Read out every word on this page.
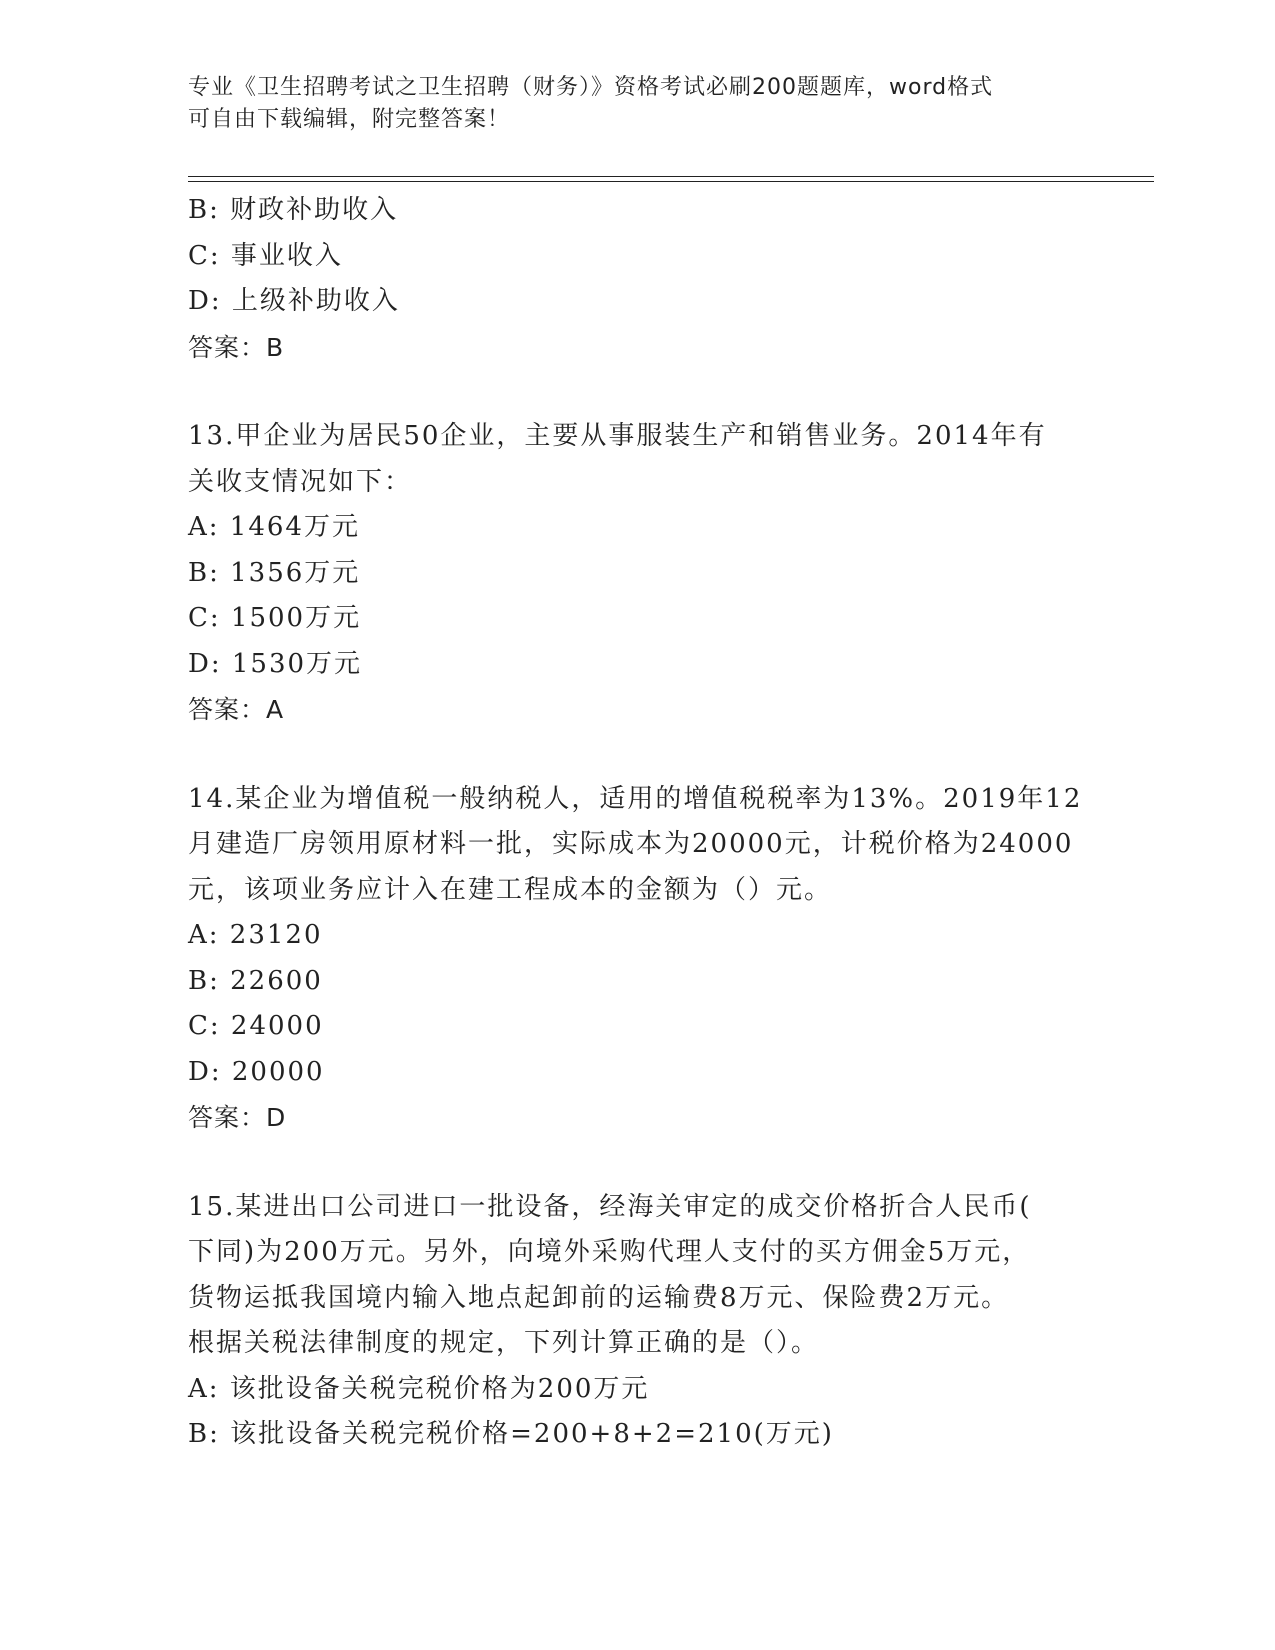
专业《卫生招聘考试之卫生招聘（财务）》资格考试必刷200题题库，word格式
可自由下载编辑，附完整答案！
B: 财政补助收入
C: 事业收入
D: 上级补助收入
答案：B
13.甲企业为居民50企业，主要从事服装生产和销售业务。2014年有
关收支情况如下：
A: 1464万元
B: 1356万元
C: 1500万元
D: 1530万元
答案：A
14.某企业为增值税一般纳税人，适用的增值税税率为13%。2019年12
月建造厂房领用原材料一批，实际成本为20000元，计税价格为24000
元，该项业务应计入在建工程成本的金额为（）元。
A: 23120
B: 22600
C: 24000
D: 20000
答案：D
15.某进出口公司进口一批设备，经海关审定的成交价格折合人民币(
下同)为200万元。另外，向境外采购代理人支付的买方佣金5万元，
货物运抵我国境内输入地点起卸前的运输费8万元、保险费2万元。
根据关税法律制度的规定，下列计算正确的是（）。
A: 该批设备关税完税价格为200万元
B: 该批设备关税完税价格=200+8+2=210(万元)
